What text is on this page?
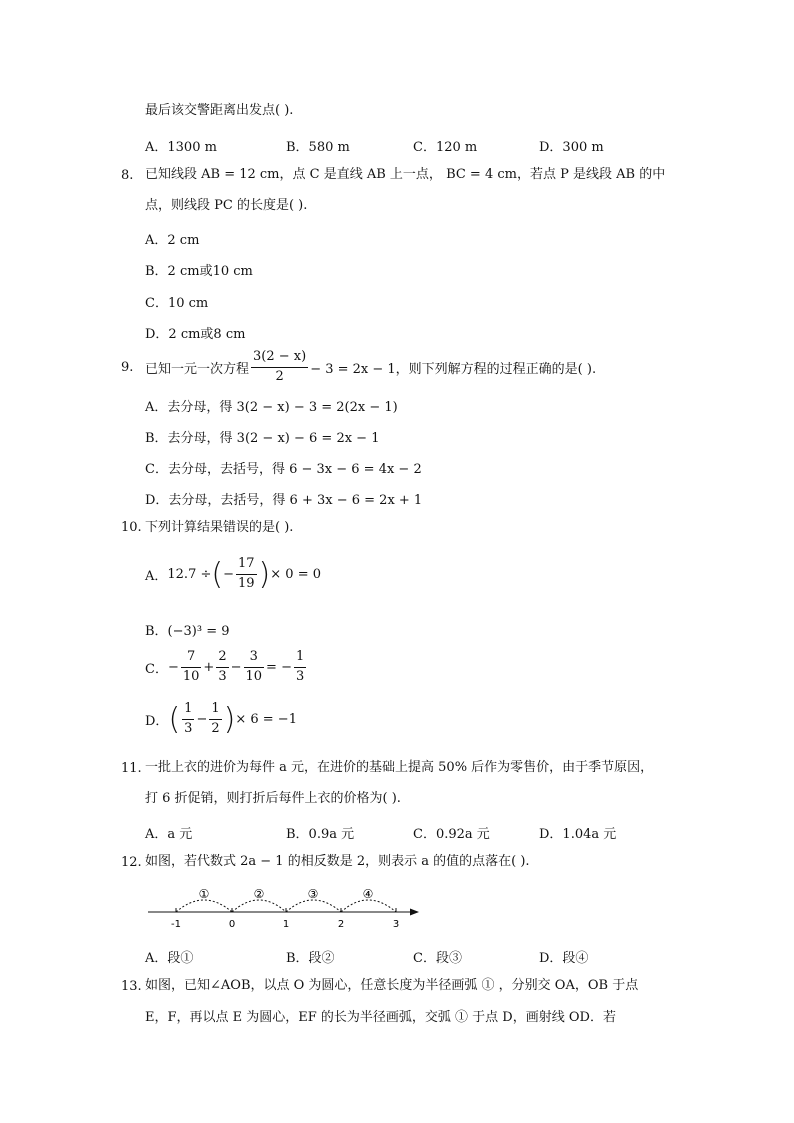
最后该交警距离出发点( ).
A．1300 m	B．580 m	C．120 m	D．300 m
8. 已知线段 AB = 12 cm，点 C 是直线 AB 上一点， BC = 4 cm，若点 P 是线段 AB 的中
点，则线段 PC 的长度是( ).
A．2 cm
B．2 cm或10 cm
C．10 cm
D．2 cm或8 cm
9. 已知一元一次方程 $\frac{3(2 - x)}{2} - 3 = 2x - 1$，则下列解方程的过程正确的是( ).
A．去分母，得 3(2 − x) − 3 = 2(2x − 1)
B．去分母，得 3(2 − x) − 6 = 2x − 1
C．去分母，去括号，得 6 − 3x − 6 = 4x − 2
D．去分母，去括号，得 6 + 3x − 6 = 2x + 1
10. 下列计算结果错误的是( ).
A． 12.7 ÷ ( − $\frac{17}{19}$ ) × 0 = 0
B．(−3)³ = 9
C． − $\frac{7}{10} + \frac{2}{3} - \frac{3}{10}$ = − $\frac{1}{3}$
D． ( $\frac{1}{3} - \frac{1}{2}$ ) × 6 = −1
11. 一批上衣的进价为每件 a 元，在进价的基础上提高 50% 后作为零售价，由于季节原因，
打 6 折促销，则打折后每件上衣的价格为( ).
A．a 元	B．0.9a 元	C．0.92a 元	D．1.04a 元
12. 如图，若代数式 2a − 1 的相反数是 2，则表示 a 的值的点落在( ).
①	②	③	④
-1	0	1	2	3
A．段①	B．段②	C．段③	D．段④
13. 如图，已知∠AOB，以点 O 为圆心，任意长度为半径画弧 ① ，分别交 OA，OB 于点
E，F，再以点 E 为圆心，EF 的长为半径画弧，交弧 ① 于点 D，画射线 OD．若
